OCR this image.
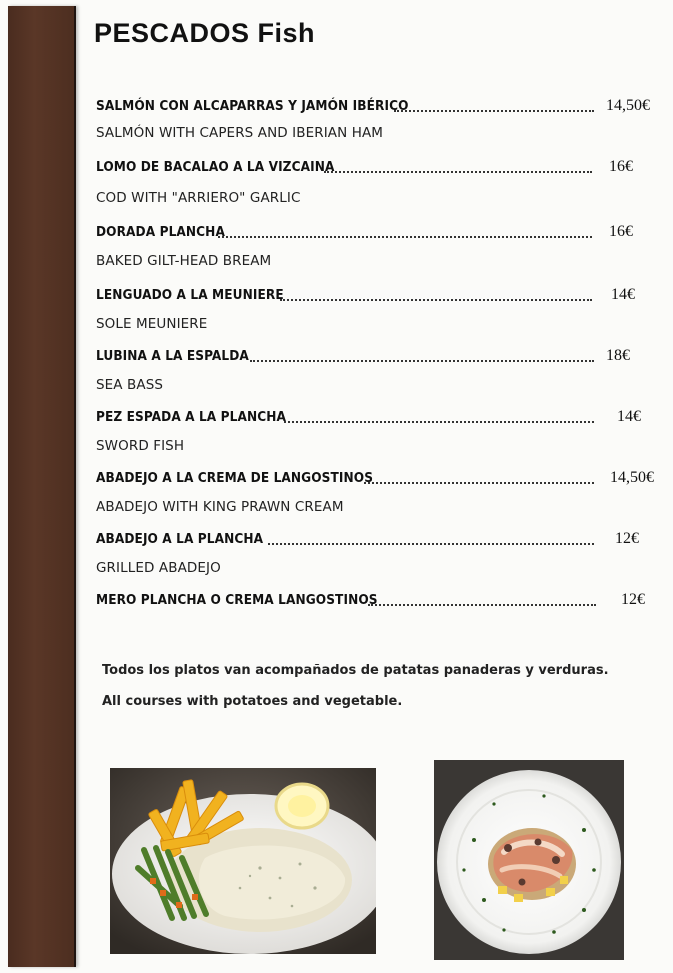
PESCADOS Fish
SALMÓN CON ALCAPARRAS Y JAMÓN IBÉRICO	14,50€
SALMÓN WITH CAPERS AND IBERIAN HAM
LOMO DE BACALAO A LA VIZCAINA	16€
COD WITH "ARRIERO" GARLIC
DORADA PLANCHA	16€
BAKED GILT-HEAD BREAM
LENGUADO A LA MEUNIERE	14€
SOLE MEUNIERE
LUBINA A LA ESPALDA	18€
SEA BASS
PEZ ESPADA A LA PLANCHA	14€
SWORD FISH
ABADEJO A LA CREMA DE LANGOSTINOS	14,50€
ABADEJO WITH KING PRAWN CREAM
ABADEJO A LA PLANCHA	12€
GRILLED ABADEJO
MERO PLANCHA O CREMA LANGOSTINOS	12€
Todos los platos van acompañados de patatas panaderas y verduras.
All courses with potatoes and vegetable.
